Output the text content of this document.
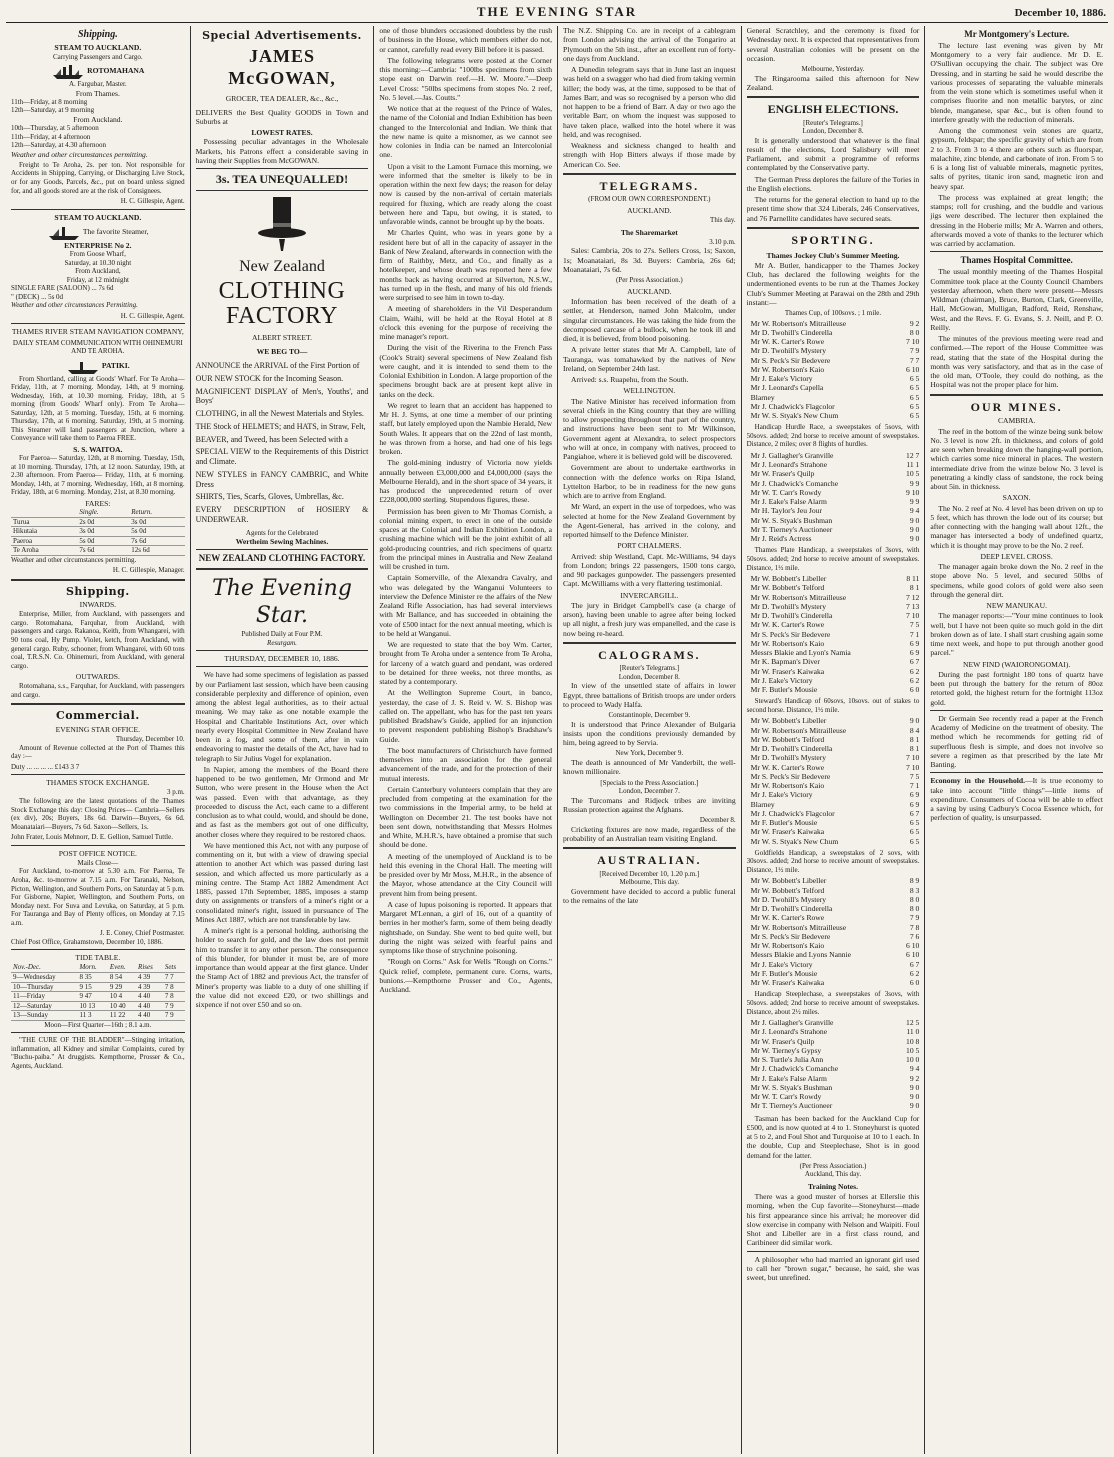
THE EVENING STAR	December 10, 1886.
Shipping.
STEAM TO AUCKLAND.
Carrying Passengers and Cargo.
ROTOMAHANA
A. Fargubar, Master.
From Thames.
11th—Friday, at 8 morning
12th—Saturday, at 9 morning
From Auckland.
10th—Thursday, at 5 afternoon
11th—Friday, at 4 afternoon
12th—Saturday, at 4.30 afternoon

Weather and other circumstances permitting.

Freight to Te Aroha, 2s. per ton. Not responsible for Accidents in Shipping, Carrying, or Discharging Live Stock, or for any Goods, Parcels, &c., put on board unless signed for, and all goods stored are at the risk of Consignees.

H. C. Gillespie, Agent.
STEAM TO AUCKLAND.
The favorite Steamer,
ENTERPRISE No 2.
From Goose Wharf,
Saturday, at 10.30 night
From Auckland,
Friday, at 12 midnight
SINGLE FARE (SALOON) ... 7s 6d
" (DECK) ... 5s 0d

Weather and other circumstances Permitting.

H. C. Gillespie, Agent.
THAMES RIVER STEAM NAVIGATION COMPANY,
DAILY STEAM COMMUNICATION WITH OHINEMURI AND TE AROHA.
PATIKI.

From Shortland, calling at Goods' Wharf. For Te Aroha— Friday, 11th, at 7 morning. Monday, 14th, at 9 morning. Wednesday, 16th, at 10.30 morning. Friday, 18th, at 5 morning (from Goods' Wharf only). From Te Aroha— Saturday, 12th, at 5 morning. Tuesday, 15th, at 6 morning. Thursday, 17th, at 6 morning. Saturday, 19th, at 5 morning. This Steamer will land passengers at Junction, where a Conveyance will take them to Paeroa FREE.

S. S. WAITOA.

For Paeroa— Saturday, 12th, at 8 morning. Tuesday, 15th, at 10 morning. Thursday, 17th, at 12 noon. Saturday, 19th, at 2.30 afternoon. From Paeroa— Friday, 11th, at 6 morning. Monday, 14th, at 7 morning. Wednesday, 16th, at 8 morning. Friday, 18th, at 6 morning. Monday, 21st, at 8.30 morning.

FARES:
	Single.	Return.
Turua	2s 0d	3s 0d
Hikutaia	3s 0d	5s 0d
Paeroa	5s 0d	7s 6d
Te Aroha	7s 6d	12s 6d

Weather and other circumstances permitting.

H. C. Gillespie, Manager.
Shipping.
INWARDS.

Enterprise, Miller, from Auckland, with passengers and cargo. Rotomahana, Farquhar, from Auckland, with passengers and cargo. Rakanoa, Keith, from Whangarei, with 90 tons coal, Hy Pump. Violet, ketch, from Auckland, with general cargo. Ruby, schooner, from Whangarei, with 60 tons coal, T.R.S.N. Co. Ohinemuri, from Auckland, with general cargo.

OUTWARDS.

Rotomahana, s.s., Farquhar, for Auckland, with passengers and cargo.

Commercial.
EVENING STAR OFFICE.
Thursday, December 10.

Amount of Revenue collected at the Port of Thames this day :—

Duty ... ... ... ... £143 3 7
THAMES STOCK EXCHANGE.
3 p.m.

The following are the latest quotations of the Thames Stock Exchange this day: Closing Prices— Cambria—Sellers (ex div), 20s; Buyers, 18s 6d. Darwin—Buyers, 6s 6d. Moanataiari—Buyers, 7s 6d. Saxon—Sellers, 1s.

John Frater, Louis Mehnorr, D. E. Gellion, Samuel Tuttle.

POST OFFICE NOTICE.
Mails Close—

For Auckland, to-morrow at 5.30 a.m. For Paeroa, Te Aroha, &c. to-morrow at 7.15 a.m. For Taranaki, Nelson, Picton, Wellington, and Southern Ports, on Saturday at 5 p.m. For Gisborne, Napier, Wellington, and Southern Ports, on Monday next. For Suva and Levuka, on Saturday, at 5 p.m. For Tauranga and Bay of Plenty offices, on Monday at 7.15 a.m.

J. E. Coney, Chief Postmaster.
Chief Post Office, Grahamstown, December 10, 1886.
TIDE TABLE.
Nov.-Dec.	Morn.	Even.	Rises	Sets
9—Wednesday	8 35	8 54	4 39	7 7
10—Thursday	9 15	9 29	4 39	7 8
11—Friday	9 47	10 4	4 40	7 8
12—Saturday	10 13	10 40	4 40	7 9
13—Sunday	11 3	11 22	4 40	7 9
Moon—First Quarter—16th ; 8.1 a.m.

"THE CURE OF THE BLADDER"—Stinging irritation, inflammation, all Kidney and similar Complaints, cured by "Buchu-paiba." At druggists. Kempthorne, Prosser & Co., Agents, Auckland.

Special Advertisements.
JAMES McGOWAN,
GROCER, TEA DEALER, &c., &c.,

DELIVERS the Best Quality GOODS in Town and Suburbs at

LOWEST RATES.

Possessing peculiar advantages in the Wholesale Markets, his Patrons effect a considerable saving in having their Supplies from McGOWAN.

3s. TEA UNEQUALLED!
New Zealand
CLOTHING FACTORY
ALBERT STREET.
WE BEG TO—

ANNOUNCE the ARRIVAL of the First Portion of

OUR NEW STOCK for the Incoming Season.

MAGNIFICENT DISPLAY of Men's, Youths', and Boys'

CLOTHING, in all the Newest Materials and Styles.

THE Stock of HELMETS; and HATS, in Straw, Felt,

BEAVER, and Tweed, has been Selected with a

SPECIAL VIEW to the Requirements of this District and Climate.

NEW STYLES in FANCY CAMBRIC, and White Dress

SHIRTS, Ties, Scarfs, Gloves, Umbrellas, &c.

EVERY DESCRIPTION of HOSIERY & UNDERWEAR.

Agents for the Celebrated
Wertheim Sewing Machines.
NEW ZEALAND CLOTHING FACTORY.
The Evening Star.
Published Daily at Four P.M.
Resurgam.
THURSDAY, DECEMBER 10, 1886.

We have had some specimens of legislation as passed by our Parliament last session, which have been causing considerable perplexity and difference of opinion, even among the ablest legal authorities, as to their actual meaning. We may take as one notable example the Hospital and Charitable Institutions Act, over which nearly every Hospital Committee in New Zealand have been in a fog, and some of them, after in vain endeavoring to master the details of the Act, have had to telegraph to Sir Julius Vogel for explanation.

In Napier, among the members of the Board there happened to be two gentlemen, Mr Ormond and Mr Sutton, who were present in the House when the Act was passed. Even with that advantage, as they proceeded to discuss the Act, each came to a different conclusion as to what could, would, and should be done, and as fast as the members got out of one difficulty, another closes where they required to be restored chaos.

We have mentioned this Act, not with any purpose of commenting on it, but with a view of drawing special attention to another Act which was passed during last session, and which affected us more particularly as a mining centre. The Stamp Act 1882 Amendment Act 1885, passed 17th September, 1885, imposes a stamp duty on assignments or transfers of a miner's right or a consolidated miner's right, issued in pursuance of The Mines Act 1887, which are not transferable by law.

A miner's right is a personal holding, authorising the holder to search for gold, and the law does not permit him to transfer it to any other person. The consequence of this blunder, for blunder it must be, are of more importance than would appear at the first glance. Under the Stamp Act of 1882 and previous Act, the transfer of Miner's property was liable to a duty of one shilling if the value did not exceed £20, or two shillings and sixpence if not over £50 and so on.

one of those blunders occasioned doubtless by the rush of business in the House, which members either do not, or cannot, carefully read every Bill before it is passed.

The following telegrams were posted at the Corner this morning:—Cambria: "100lbs specimens from sixth stope east on Darwin reef.—H. W. Moore."—Deep Level Cross: "50lbs specimens from stopes No. 2 reef, No. 5 level.—Jas. Coutts."

We notice that at the request of the Prince of Wales, the name of the Colonial and Indian Exhibition has been changed to the Intercolonial and Indian. We think that the new name is quite a misnomer, as we cannot see how colonies in India can be named an Intercolonial one.

Upon a visit to the Lamont Furnace this morning, we were informed that the smelter is likely to be in operation within the next few days; the reason for delay now is caused by the non-arrival of certain materials required for fluxing, which are ready along the coast between here and Tapu, but owing, it is stated, to unfavorable winds, cannot be brought up by the boats.

Mr Charles Quint, who was in years gone by a resident here but of all in the capacity of assayer in the Bank of New Zealand, afterwards in connection with the firm of Raithby, Metz, and Co., and finally as a hotelkeeper, and whose death was reported here a few months back as having occurred at Silverton, N.S.W., has turned up in the flesh, and many of his old friends were surprised to see him in town to-day.

A meeting of shareholders in the Vil Desperandum Claim, Waihi, will be held at the Royal Hotel at 8 o'clock this evening for the purpose of receiving the mine manager's report.

During the visit of the Riverina to the French Pass (Cook's Strait) several specimens of New Zealand fish were caught, and it is intended to send them to the Colonial Exhibition in London. A large proportion of the specimens brought back are at present kept alive in tanks on the deck.

We regret to learn that an accident has happened to Mr H. J. Syms, at one time a member of our printing staff, but lately employed upon the Nambie Herald, New South Wales. It appears that on the 22nd of last month, he was thrown from a horse, and had one of his legs broken.

The gold-mining industry of Victoria now yields annually between £3,000,000 and £4,000,000 (says the Melbourne Herald), and in the short space of 34 years, it has produced the unprecedented return of over £228,000,000 sterling. Stupendous figures, these.

Permission has been given to Mr Thomas Cornish, a colonial mining expert, to erect in one of the outside spaces at the Colonial and Indian Exhibition London, a crushing machine which will be the joint exhibit of all gold-producing countries, and rich specimens of quartz from the principal mines in Australia and New Zealand will be crushed in turn.

Captain Somerville, of the Alexandra Cavalry, and who was delegated by the Wanganui Volunteers to interview the Defence Minister re the affairs of the New Zealand Rifle Association, has had several interviews with Mr Ballance, and has succeeded in obtaining the vote of £500 intact for the next annual meeting, which is to be held at Wanganui.

We are requested to state that the boy Wm. Carter, brought from Te Aroha under a sentence from Te Aroha, for larceny of a watch guard and pendant, was ordered to be detained for three weeks, not three months, as stated by a contemporary.

At the Wellington Supreme Court, in banco, yesterday, the case of J. S. Reid v. W. S. Bishop was called on. The appellant, who has for the past ten years published Bradshaw's Guide, applied for an injunction to prevent respondent publishing Bishop's Bradshaw's Guide.

The boot manufacturers of Christchurch have formed themselves into an association for the general advancement of the trade, and for the protection of their mutual interests.

Certain Canterbury volunteers complain that they are precluded from competing at the examination for the two commissions in the Imperial army, to be held at Wellington on December 21. The test books have not been sent down, notwithstanding that Messrs Holmes and White, M.H.R.'s, have obtained a promise that such should be done.

A meeting of the unemployed of Auckland is to be held this evening in the Choral Hall. The meeting will be presided over by Mr Moss, M.H.R., in the absence of the Mayor, whose attendance at the City Council will prevent him from being present.

A case of lupus poisoning is reported. It appears that Margaret M'Lennan, a girl of 16, out of a quantity of berries in her mother's farm, some of them being deadly nightshade, on Sunday. She went to bed quite well, but during the night was seized with fearful pains and symptoms like those of strychnine poisoning.

"Rough on Corns." Ask for Wells "Rough on Corns." Quick relief, complete, permanent cure. Corns, warts, bunions.—Kempthorne Prosser and Co., Agents, Auckland.

The N.Z. Shipping Co. are in receipt of a cablegram from London advising the arrival of the Tongariro at Plymouth on the 5th inst., after an excellent run of forty-one days from Auckland.

A Dunedin telegram says that in June last an inquest was held on a swagger who had died from taking vermin killer; the body was, at the time, supposed to be that of James Barr, and was so recognised by a person who did not happen to be a friend of Barr. A day or two ago the veritable Barr, on whom the inquest was supposed to have taken place, walked into the hotel where it was held, and was recognised.

Weakness and sickness changed to health and strength with Hop Bitters always if those made by American Co. See.

TELEGRAMS.
(FROM OUR OWN CORRESPONDENT.)
AUCKLAND.
This day.
The Sharemarket
3.10 p.m.

Sales: Cambria, 20s to 27s. Sellers Cross, 1s; Saxon, 1s; Moanataiari, 8s 3d. Buyers: Cambria, 26s 6d; Moanataiari, 7s 6d.

(Per Press Association.)
AUCKLAND.

Information has been received of the death of a settler, at Henderson, named John Malcolm, under singular circumstances. He was taking the hide from the decomposed carcase of a bullock, when he took ill and died, it is believed, from blood poisoning.

A private letter states that Mr A. Campbell, late of Tauranga, was tomahawked by the natives of New Ireland, on September 24th last.

Arrived: s.s. Ruapehu, from the South.

WELLINGTON.

The Native Minister has received information from several chiefs in the King country that they are willing to allow prospecting throughout that part of the country, and instructions have been sent to Mr Wilkinson, Government agent at Alexandra, to select prospectors who will at once, in company with natives, proceed to Pangiahoe, where it is believed gold will be discovered.

Government are about to undertake earthworks in connection with the defence works on Ripa Island, Lyttelton Harbor, to be in readiness for the new guns which are to arrive from England.

Mr Ward, an expert in the use of torpedoes, who was selected at home for the New Zealand Government by the Agent-General, has arrived in the colony, and reported himself to the Defence Minister.

PORT CHALMERS.

Arrived: ship Westland, Capt. Mc-Williams, 94 days from London; brings 22 passengers, 1500 tons cargo, and 90 packages gunpowder. The passengers presented Capt. McWilliams with a very flattering testimonial.

INVERCARGILL.

The jury in Bridget Campbell's case (a charge of arson), having been unable to agree after being locked up all night, a fresh jury was empanelled, and the case is now being re-heard.

CALOGRAMS.
[Reuter's Telegrams.]
London, December 8.

In view of the unsettled state of affairs in lower Egypt, three battalions of British troops are under orders to proceed to Wady Halfa.

Constantinople, December 9.

It is understood that Prince Alexander of Bulgaria insists upon the conditions previously demanded by him, being agreed to by Servia.

New York, December 9.

The death is announced of Mr Vanderbilt, the well-known millionaire.

[Specials to the Press Association.]
London, December 7.

The Turcomans and Ridjeck tribes are inviting Russian protection against the Afghans.

December 8.

Cricketing fixtures are now made, regardless of the probability of an Australian team visiting England.

AUSTRALIAN.
[Received December 10, 1.20 p.m.]
Melbourne, This day.

Government have decided to accord a public funeral to the remains of the late

General Scratchley, and the ceremony is fixed for Wednesday next. It is expected that representatives from several Australian colonies will be present on the occasion.

Melbourne, Yesterday.

The Ringarooma sailed this afternoon for New Zealand.

ENGLISH ELECTIONS.
[Reuter's Telegrams.]
London, December 8.

It is generally understood that whatever is the final result of the elections, Lord Salisbury will meet Parliament, and submit a programme of reforms contemplated by the Conservative party.

The German Press deplores the failure of the Tories in the English elections.

The returns for the general election to hand up to the present time show that 324 Liberals, 246 Conservatives, and 76 Parnellite candidates have secured seats.

SPORTING.
Thames Jockey Club's Summer Meeting.

Mr A. Butler, handicapper to the Thames Jockey Club, has declared the following weights for the undermentioned events to be run at the Thames Jockey Club's Summer Meeting at Parawai on the 28th and 29th instant:—

Thames Cup, of 100sovs. ; 1 mile.
Mr W. Robertson's Mitrailleuse	9 2
Mr D. Twohill's Cinderella	8 0
Mr W. K. Carter's Rowe	7 10
Mr D. Twohill's Mystery	7 9
Mr S. Peck's Sir Bedevere	7 7
Mr W. Robertson's Kaio	6 10
Mr J. Eake's Victory	6 5
Mr J. Leonard's Capella	6 5
Blarney	6 5
Mr J. Chadwick's Flagcolor	6 5
Mr W. S. Styak's New Chum	6 5

Handicap Hurdle Race, a sweepstakes of 5sovs, with 50sovs. added; 2nd horse to receive amount of sweepstakes. Distance, 2 miles; over 8 flights of hurdles.

Mr J. Gallagher's Granville	12 7
Mr J. Leonard's Strahone	11 1
Mr W. Fraser's Quilp	10 5
Mr J. Chadwick's Comanche	9 9
Mr W. T. Carr's Rowdy	9 10
Mr J. Eake's False Alarm	9 9
Mr H. Taylor's Jeu Jour	9 4
Mr W. S. Styak's Bushman	9 0
Mr T. Tierney's Auctioneer	9 0
Mr J. Reid's Actress	9 0

Thames Plate Handicap, a sweepstakes of 3sovs, with 50sovs. added; 2nd horse to receive amount of sweepstakes. Distance, 1½ mile.

Mr W. Bobbett's Libeller	8 11
Mr W. Bobbett's Telford	8 1
Mr W. Robertson's Mitrailleuse	7 12
Mr D. Twohill's Mystery	7 13
Mr D. Twohill's Cinderella	7 10
Mr W. K. Carter's Rowe	7 5
Mr S. Peck's Sir Bedevere	7 1
Mr W. Robertson's Kaio	6 9
Messrs Blakie and Lyon's Namia	6 9
Mr K. Bapman's Diver	6 7
Mr W. Fraser's Kaiwaka	6 2
Mr J. Eake's Victory	6 2
Mr F. Butler's Mousie	6 0

Steward's Handicap of 60sovs, 10sovs. out of stakes to second horse. Distance, 1½ mile.

Mr W. Bobbett's Libeller	9 0
Mr W. Robertson's Mitrailleuse	8 4
Mr W. Bobbett's Telford	8 1
Mr D. Twohill's Cinderella	8 1
Mr D. Twohill's Mystery	7 10
Mr W. K. Carter's Rowe	7 10
Mr S. Peck's Sir Bedevere	7 5
Mr W. Robertson's Kaio	7 1
Mr J. Eake's Victory	6 9
Blarney	6 9
Mr J. Chadwick's Flagcolor	6 7
Mr F. Butler's Mousie	6 5
Mr W. Fraser's Kaiwaka	6 5
Mr W. S. Styak's New Chum	6 5

Goldfields Handicap, a sweepstakes of 2 sovs, with 30sovs. added; 2nd horse to receive amount of sweepstakes. Distance, 1½ mile.

Mr W. Bobbett's Libeller	8 9
Mr W. Bobbett's Telford	8 3
Mr D. Twohill's Mystery	8 0
Mr D. Twohill's Cinderella	8 0
Mr W. K. Carter's Rowe	7 9
Mr W. Robertson's Mitrailleuse	7 8
Mr S. Peck's Sir Bedevere	7 6
Mr W. Robertson's Kaio	6 10
Messrs Blakie and Lyons Nannie	6 10
Mr J. Eake's Victory	6 7
Mr F. Butler's Mousie	6 2
Mr W. Fraser's Kaiwaka	6 0

Handicap Steeplechase, a sweepstakes of 3sovs, with 50sovs. added; 2nd horse to receive amount of sweepstakes. Distance, about 2½ miles.

Mr J. Gallagher's Granville	12 5
Mr J. Leonard's Strahone	11 0
Mr W. Fraser's Quilp	10 8
Mr W. Tierney's Gypsy	10 5
Mr S. Turtle's Julia Ann	10 0
Mr J. Chadwick's Comanche	9 4
Mr J. Eake's False Alarm	9 2
Mr W. S. Styak's Bushman	9 0
Mr W. T. Carr's Rowdy	9 0
Mr T. Tierney's Auctioneer	9 0

Tasman has been backed for the Auckland Cup for £500, and is now quoted at 4 to 1. Stoneyhurst is quoted at 5 to 2, and Foul Shot and Turquoise at 10 to 1 each. In the double, Cup and Steeplechase, Shot is in good demand for the latter.

(Per Press Association.)
Auckland, This day.
Training Notes.

There was a good muster of horses at Ellerslie this morning, when the Cup favorite—Stoneyhurst—made his first appearance since his arrival; he moreover did slow exercise in company with Nelson and Waipiti. Foul Shot and Libeller are in a first class round, and Caribineer did similar work.

A philosopher who had married an ignorant girl used to call her "brown sugar," because, he said, she was sweet, but unrefined.

Mr Montgomery's Lecture.

The lecture last evening was given by Mr Montgomery to a very fair audience. Mr D. E. O'Sullivan occupying the chair. The subject was Ore Dressing, and in starting he said he would describe the various processes of separating the valuable minerals from the vein stone which is sometimes useful when it comprises fluorite and non metallic barytes, or zinc blende, manganese, spar &c., but is often found to interfere greatly with the reduction of minerals.

Among the commonest vein stones are quartz, gypsum, feldspar; the specific gravity of which are from 2 to 3. From 3 to 4 there are others such as fluorspar, malachite, zinc blende, and carbonate of iron. From 5 to 6 is a long list of valuable minerals, magnetic pyrites, salts of pyrites, titanic iron sand, magnetic iron and heavy spar.

The process was explained at great length; the stamps; roll for crushing, and the buddle and various jigs were described. The lecturer then explained the dressing in the Hoberie mills; Mr A. Warren and others, afterwards moved a vote of thanks to the lecturer which was carried by acclamation.

Thames Hospital Committee.

The usual monthly meeting of the Thames Hospital Committee took place at the County Council Chambers yesterday afternoon, when there were present—Messrs Wildman (chairman), Bruce, Burton, Clark, Greenville, Hall, McGowan, Mulligan, Radford, Reid, Renshaw, West, and the Revs. F. G. Evans, S. J. Neill, and P. O. Reilly.

The minutes of the previous meeting were read and confirmed.—The report of the House Committee was read, stating that the state of the Hospital during the month was very satisfactory, and that as in the case of the old man, O'Toole, they could do nothing, as the Hospital was not the proper place for him.

OUR MINES.
CAMBRIA.

The reef in the bottom of the winze being sunk below No. 3 level is now 2ft. in thickness, and colors of gold are seen when breaking down the hanging-wall portion, which carries some nice mineral in places. The western intermediate drive from the winze below No. 3 level is penetrating a kindly class of sandstone, the rock being about 5in. in thickness.

SAXON.

The No. 2 reef at No. 4 level has been driven on up to 5 feet, which has thrown the lode out of its course; but after connecting with the hanging wall about 12ft., the manager has intersected a body of undefined quartz, which it is thought may prove to be the No. 2 reef.

DEEP LEVEL CROSS.

The manager again broke down the No. 2 reef in the stope above No. 5 level, and secured 50lbs of specimens, while good colors of gold were also seen through the general dirt.

NEW MANUKAU.

The manager reports:—"Your mine continues to look well, but I have not been quite so much gold in the dirt broken down as of late. I shall start crushing again some time next week, and hope to put through another good parcel."

NEW FIND (WAIORONGOMAI).

During the past fortnight 180 tons of quartz have been put through the battery for the return of 80oz retorted gold, the highest return for the fortnight 113oz gold.

Dr Germain See recently read a paper at the French Academy of Medicine on the treatment of obesity. The method which he recommends for getting rid of superfluous flesh is simple, and does not involve so severe a regimen as that prescribed by the late Mr Banting.

Economy in the Household.—It is true economy to take into account "little things"—little items of expenditure. Consumers of Cocoa will be able to effect a saving by using Cadbury's Cocoa Essence which, for perfection of quality, is unsurpassed.
